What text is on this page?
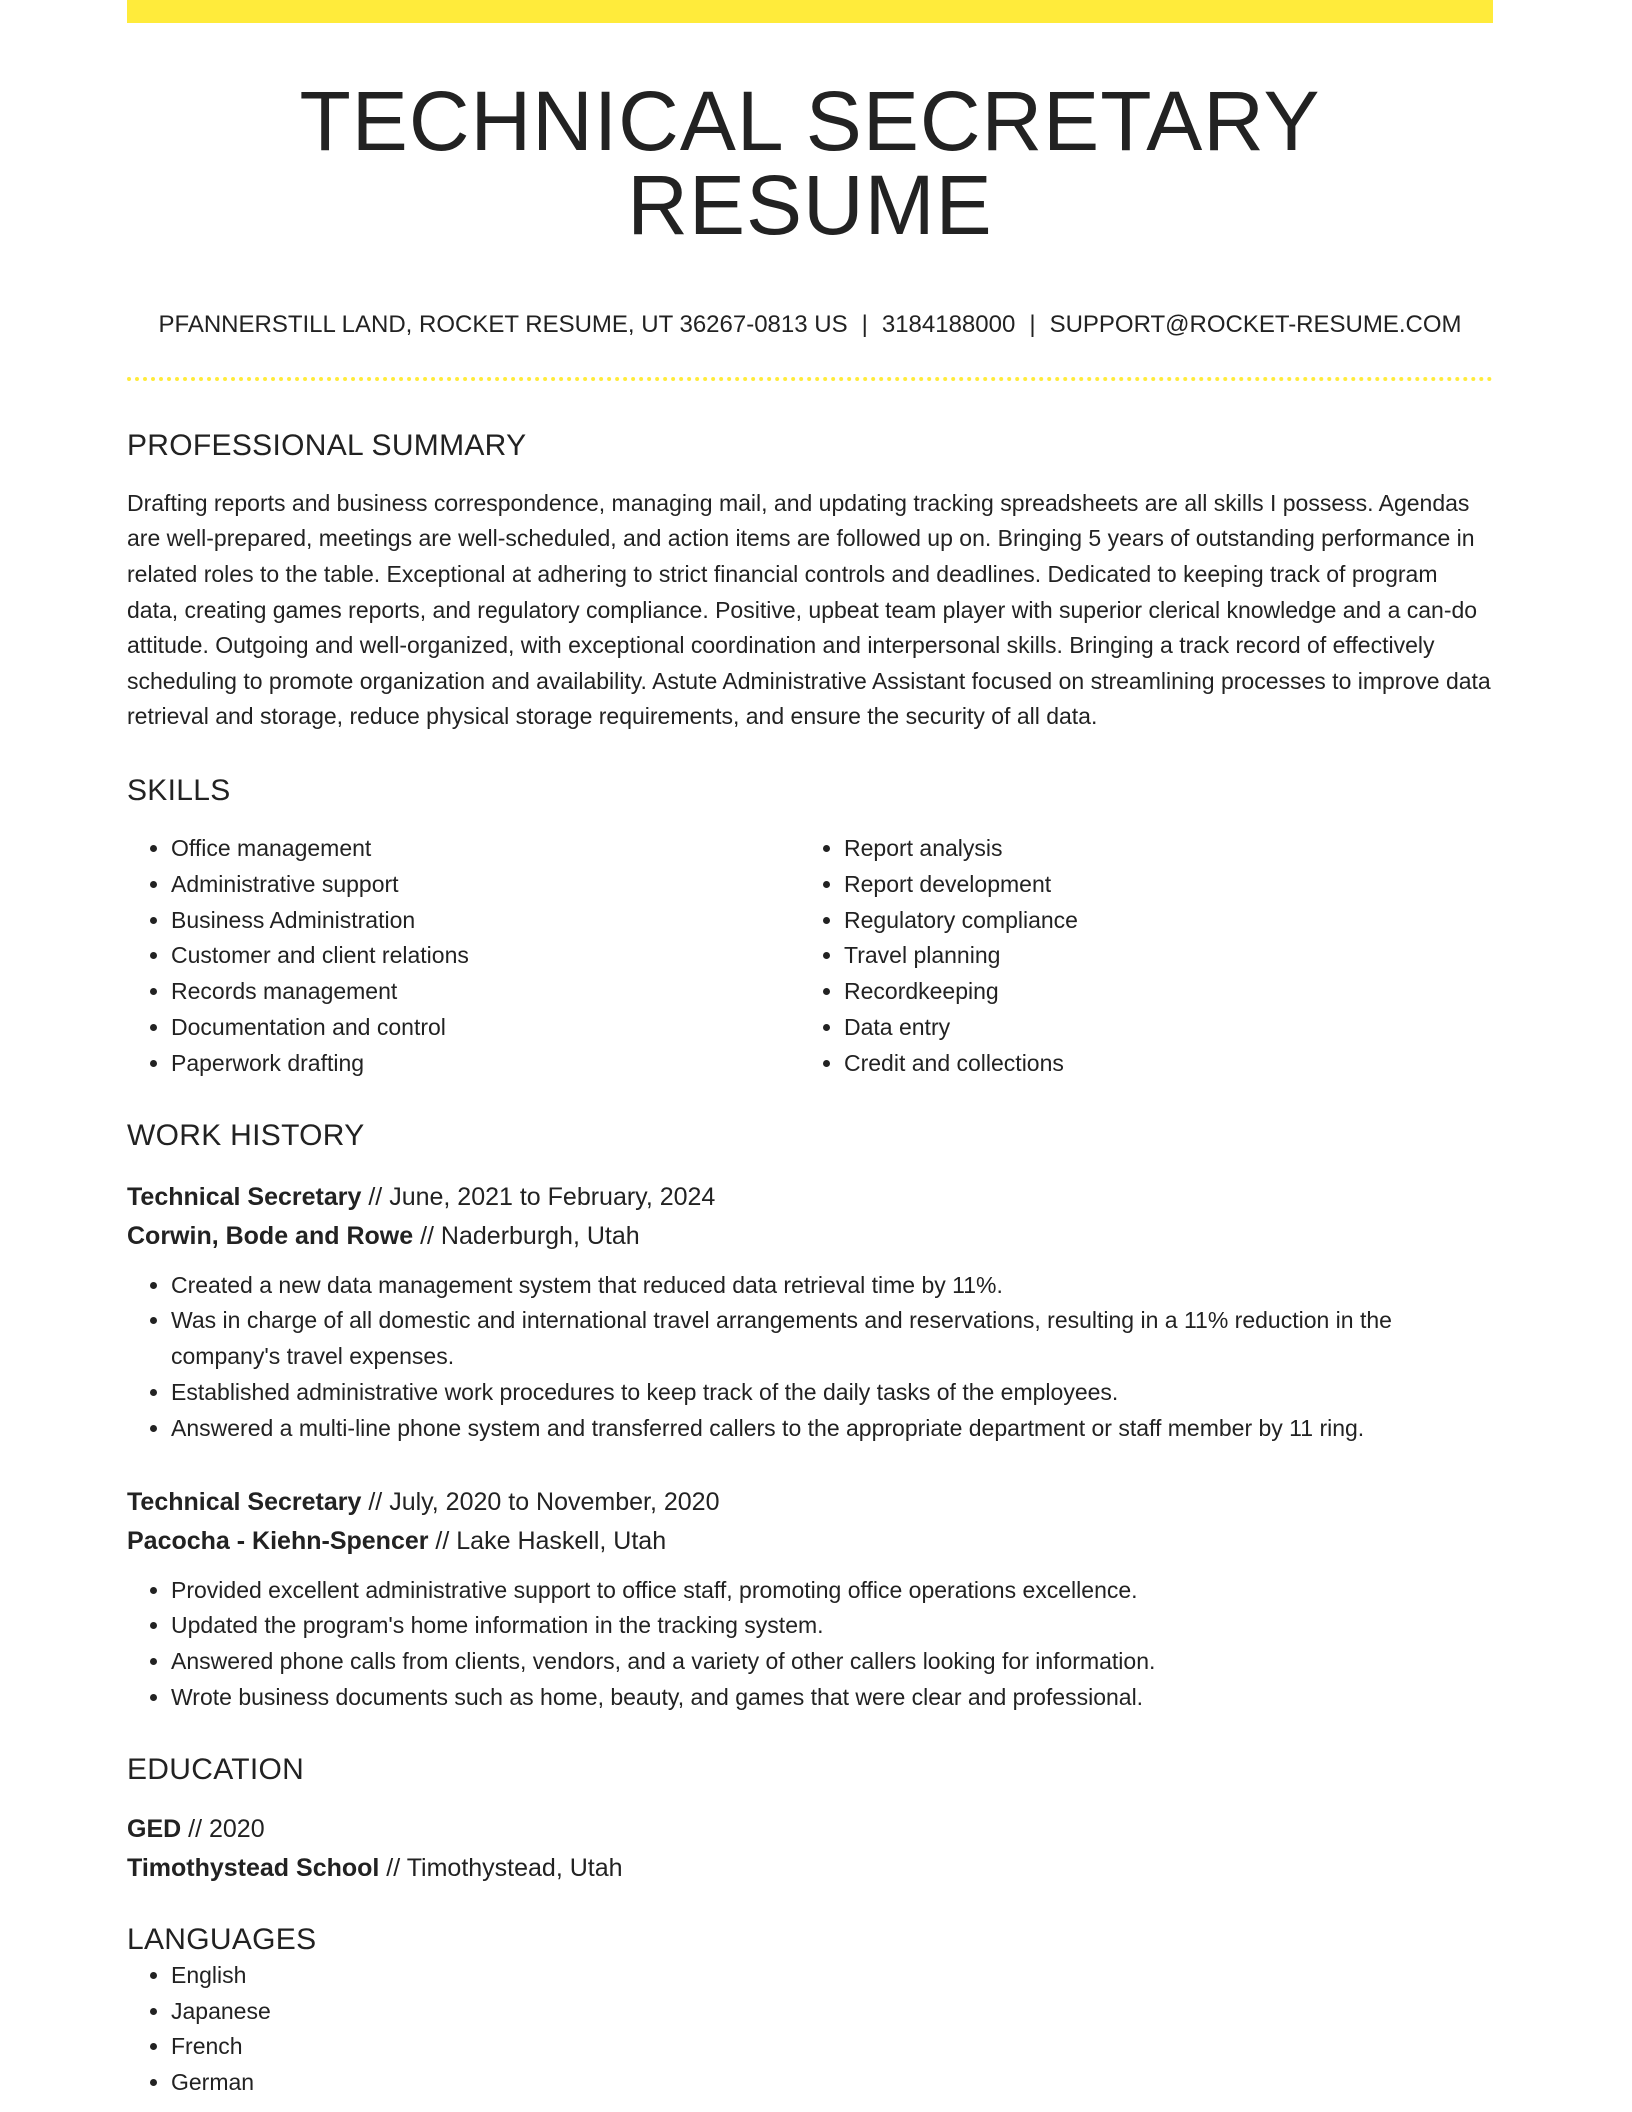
TECHNICAL SECRETARY RESUME
PFANNERSTILL LAND, ROCKET RESUME, UT 36267-0813 US | 3184188000 | SUPPORT@ROCKET-RESUME.COM
PROFESSIONAL SUMMARY

Drafting reports and business correspondence, managing mail, and updating tracking spreadsheets are all skills I possess. Agendas are well-prepared, meetings are well-scheduled, and action items are followed up on. Bringing 5 years of outstanding performance in related roles to the table. Exceptional at adhering to strict financial controls and deadlines. Dedicated to keeping track of program data, creating games reports, and regulatory compliance. Positive, upbeat team player with superior clerical knowledge and a can-do attitude. Outgoing and well-organized, with exceptional coordination and interpersonal skills. Bringing a track record of effectively scheduling to promote organization and availability. Astute Administrative Assistant focused on streamlining processes to improve data retrieval and storage, reduce physical storage requirements, and ensure the security of all data.

SKILLS
• Office management
• Administrative support
• Business Administration
• Customer and client relations
• Records management
• Documentation and control
• Paperwork drafting
• Report analysis
• Report development
• Regulatory compliance
• Travel planning
• Recordkeeping
• Data entry
• Credit and collections
WORK HISTORY
Technical Secretary // June, 2021 to February, 2024
Corwin, Bode and Rowe // Naderburgh, Utah
• Created a new data management system that reduced data retrieval time by 11%.
• Was in charge of all domestic and international travel arrangements and reservations, resulting in a 11% reduction in the company's travel expenses.
• Established administrative work procedures to keep track of the daily tasks of the employees.
• Answered a multi-line phone system and transferred callers to the appropriate department or staff member by 11 ring.
Technical Secretary // July, 2020 to November, 2020
Pacocha - Kiehn-Spencer // Lake Haskell, Utah
• Provided excellent administrative support to office staff, promoting office operations excellence.
• Updated the program's home information in the tracking system.
• Answered phone calls from clients, vendors, and a variety of other callers looking for information.
• Wrote business documents such as home, beauty, and games that were clear and professional.
EDUCATION
GED // 2020
Timothystead School // Timothystead, Utah
LANGUAGES
• English
• Japanese
• French
• German
